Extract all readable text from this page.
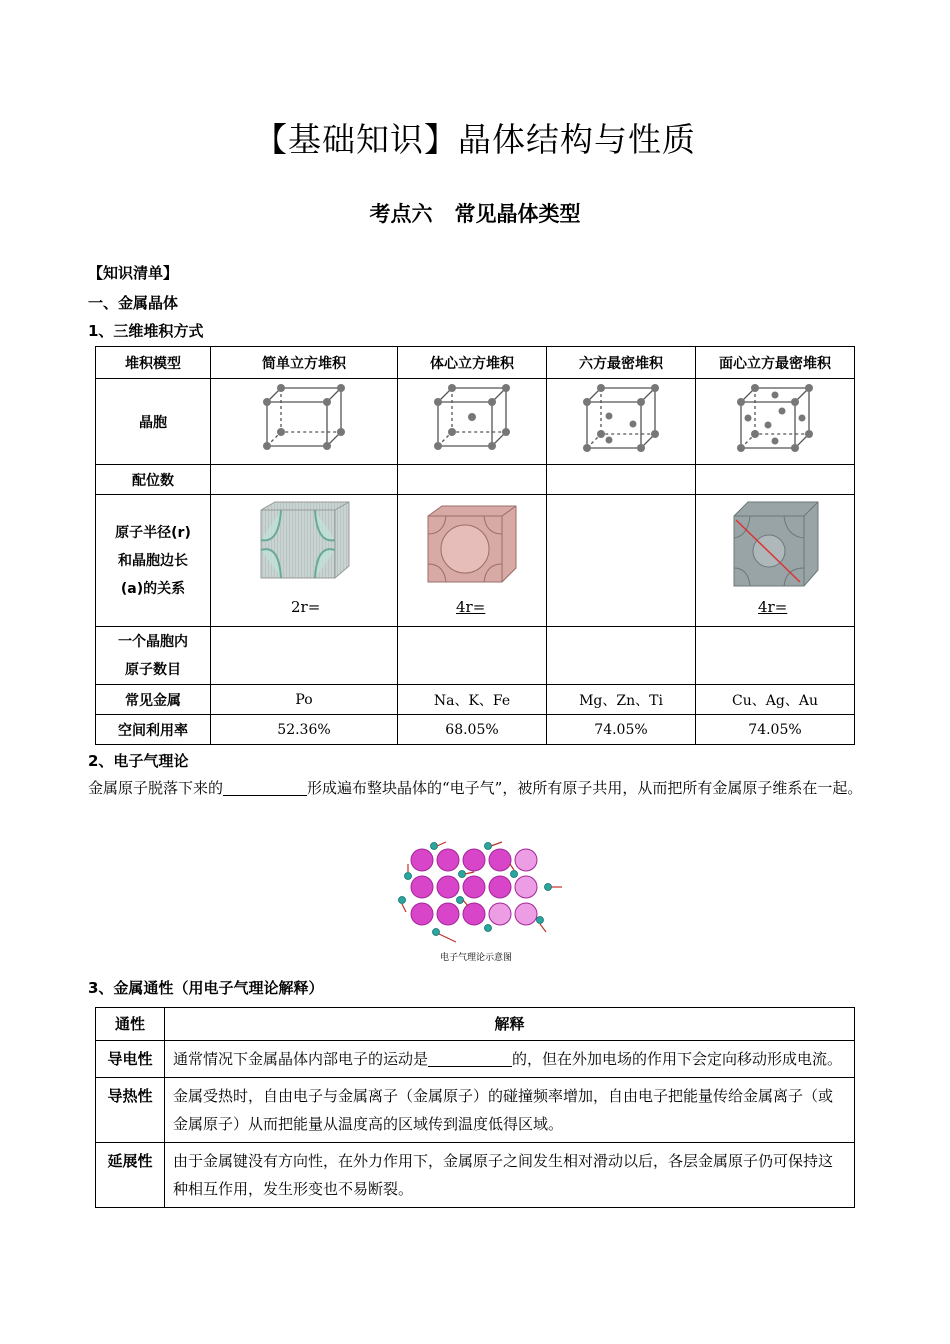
【基础知识】晶体结构与性质
考点六 常见晶体类型
【知识清单】
一、金属晶体
1、三维堆积方式
堆积模型	简单立方堆积	体心立方堆积	六方最密堆积	面心立方最密堆积
晶胞	

配位数				

原子半径(r)
和晶胞边长
(a)的关系	2r=	4r=		4r=

一个晶胞内
原子数目				

常见金属	Po	Na、K、Fe	Mg、Zn、Ti	Cu、Ag、Au
空间利用率	52.36%	68.05%	74.05%	74.05%
2、电子气理论
金属原子脱落下来的	形成遍布整块晶体的“电子气”，被所有原子共用，从而把所有金属原子维系在一起。
电子气理论示意图
3、金属通性（用电子气理论解释）
通性	解释
导电性	通常情况下金属晶体内部电子的运动是 的，但在外加电场的作用下会定向移动形成电流。
导热性	金属受热时，自由电子与金属离子（金属原子）的碰撞频率增加，自由电子把能量传给金属离子（或金属原子）从而把能量从温度高的区域传到温度低得区域。
延展性	由于金属键没有方向性，在外力作用下，金属原子之间发生相对滑动以后，各层金属原子仍可保持这种相互作用，发生形变也不易断裂。
